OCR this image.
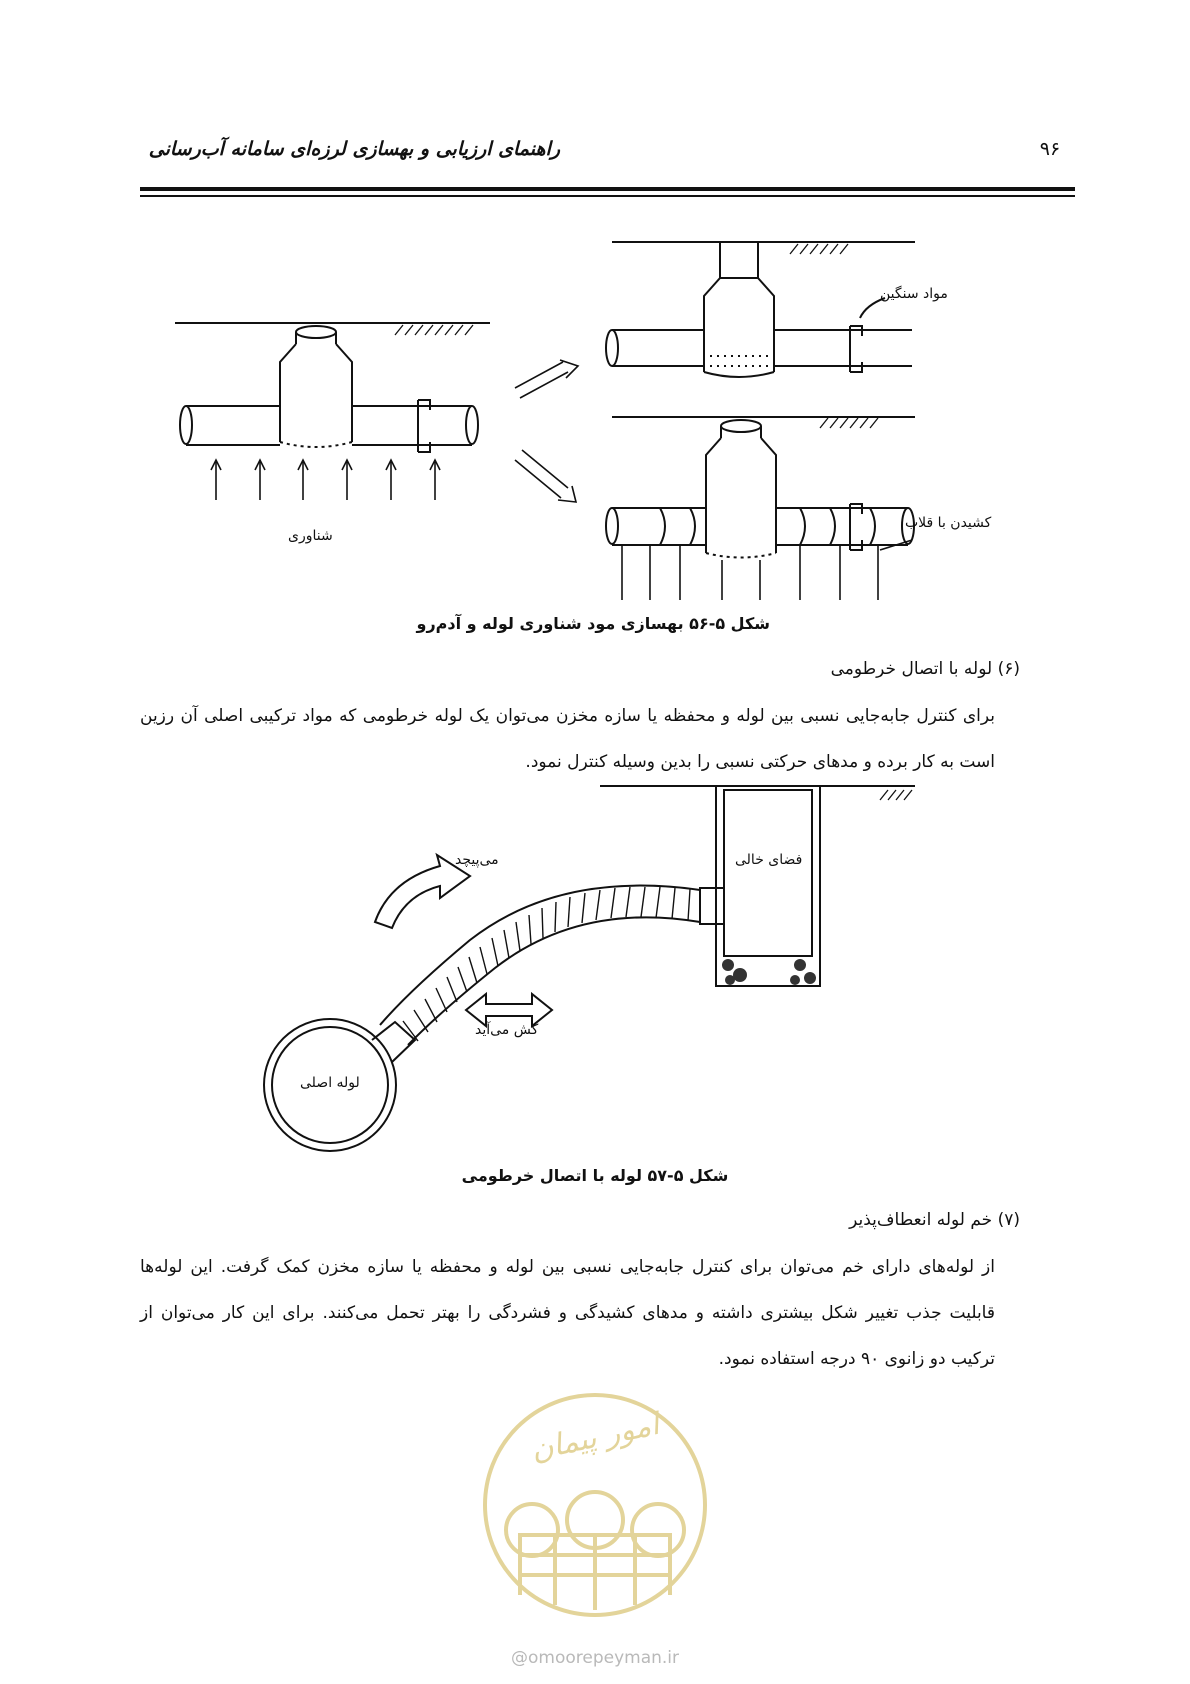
راهنمای ارزیابی و بهسازی لرزه‌ای سامانه آب‌رسانی	۹۶
شناوری
مواد سنگین
کشیدن با قلاب
شکل ۵-۵۶ بهسازی مود شناوری لوله و آدم‌رو
(۶) لوله با اتصال خرطومی
برای کنترل جابه‌جایی نسبی بین لوله و محفظه یا سازه مخزن می‌توان یک لوله خرطومی که مواد ترکیبی اصلی آن رزین است به کار برده و مدهای حرکتی نسبی را بدین وسیله کنترل نمود.
می‌پیچد	فضای خالی
کش می‌آید
لوله اصلی
شکل ۵-۵۷ لوله با اتصال خرطومی
(۷) خم لوله انعطاف‌پذیر
از لوله‌های دارای خم می‌توان برای کنترل جابه‌جایی نسبی بین لوله و محفظه یا سازه مخزن کمک گرفت. این لوله‌ها قابلیت جذب تغییر شکل بیشتری داشته و مدهای کشیدگی و فشردگی را بهتر تحمل می‌کنند. برای این کار می‌توان از ترکیب دو زانوی ۹۰ درجه استفاده نمود.
امور پیمان
@omoorepeyman.ir
